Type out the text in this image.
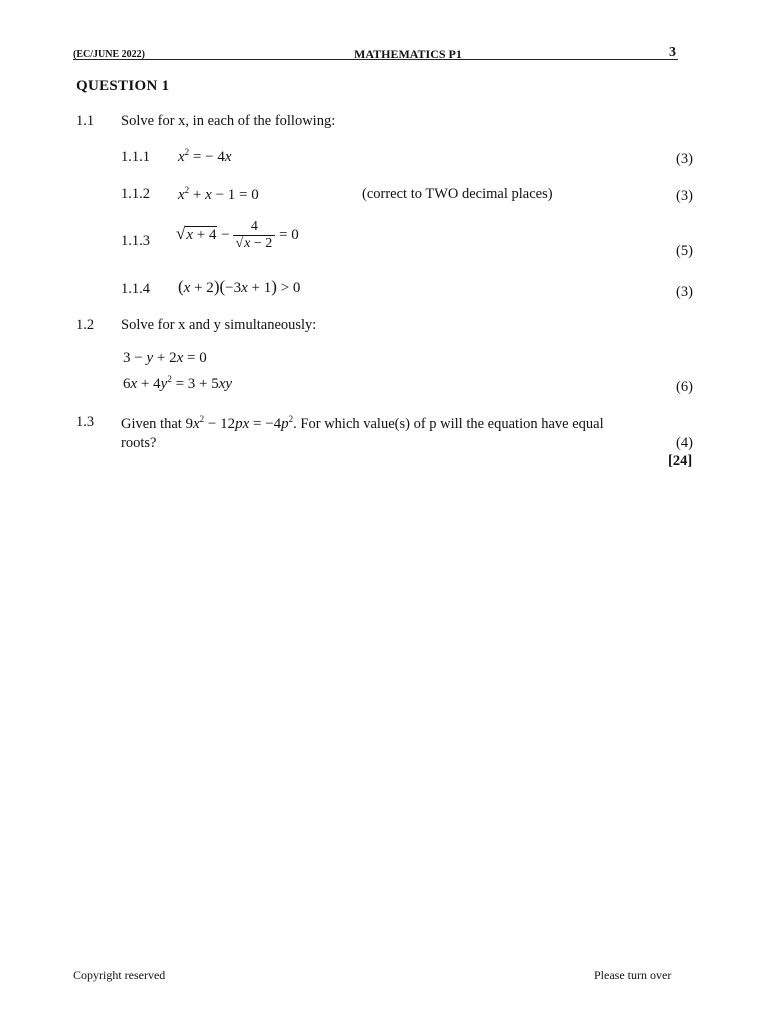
(EC/JUNE 2022)	MATHEMATICS P1	3
QUESTION 1
1.1 Solve for x, in each of the following:
1.1.1 $x^2$ = − 4x	(3)
1.1.2 $x^2 + x - 1 = 0$	(correct to TWO decimal places)	(3)
1.1.3 $√x + 4 - \frac{4}{√x - 2} = 0$
(5)
1.1.4 (x + 2)(−3x + 1) > 0	(3)
1.2 Solve for x and y simultaneously:
3 − y + 2x = 0
$6x + 4y^2 = 3 + 5xy$	(6)
1.3 Given that $9x^2 - 12px = -4p^2$. For which value(s) of p will the equation have equal
roots?	(4)
[24]
Copyright reserved	Please turn over
